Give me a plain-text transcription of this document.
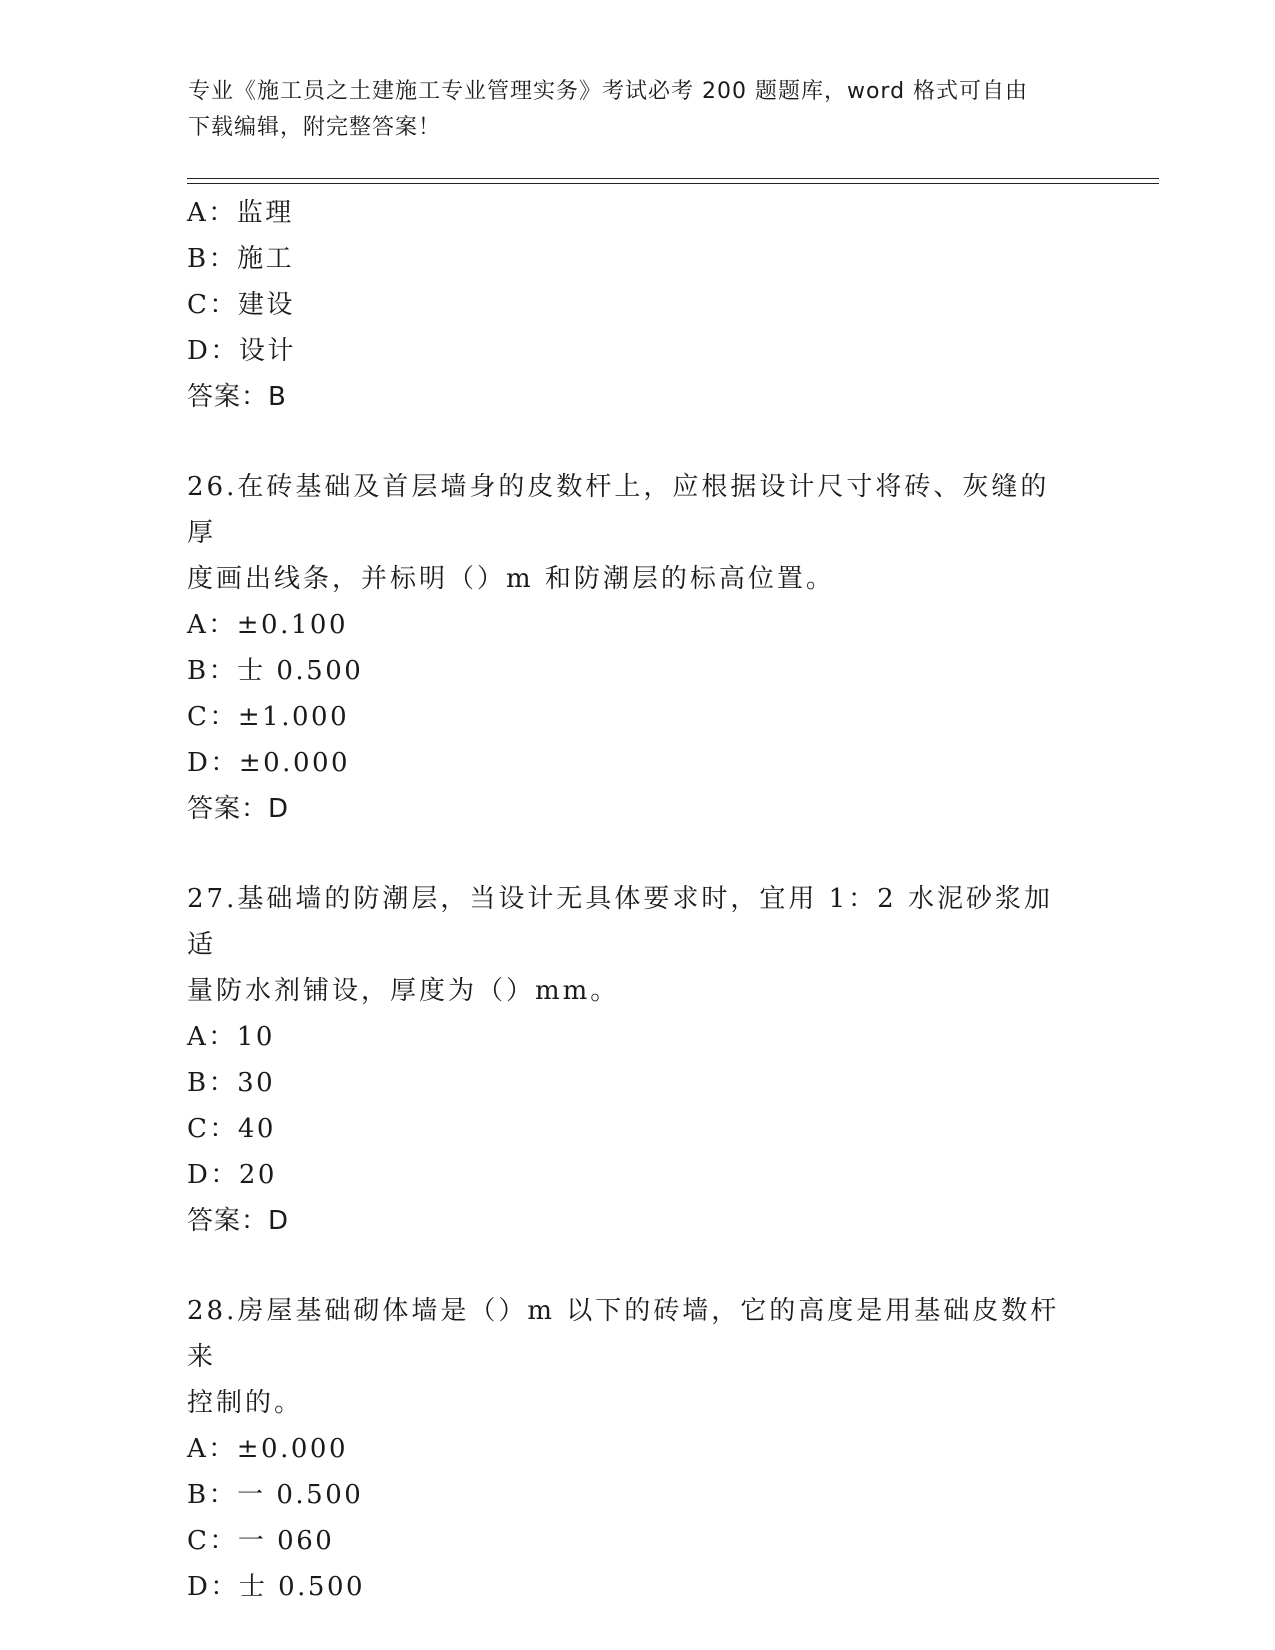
专业《施工员之土建施工专业管理实务》考试必考 200 题题库，word 格式可自由
下载编辑，附完整答案！
A：监理
B：施工
C：建设
D：设计
答案：B
26.在砖基础及首层墙身的皮数杆上，应根据设计尺寸将砖、灰缝的厚
度画出线条，并标明（）m 和防潮层的标高位置。
A：±0.100
B：士 0.500
C：±1.000
D：±0.000
答案：D
27.基础墙的防潮层，当设计无具体要求时，宜用 1：2 水泥砂浆加适
量防水剂铺设，厚度为（）mm。
A：10
B：30
C：40
D：20
答案：D
28.房屋基础砌体墙是（）m 以下的砖墙，它的高度是用基础皮数杆来
控制的。
A：±0.000
B：一 0.500
C：一 060
D：士 0.500
